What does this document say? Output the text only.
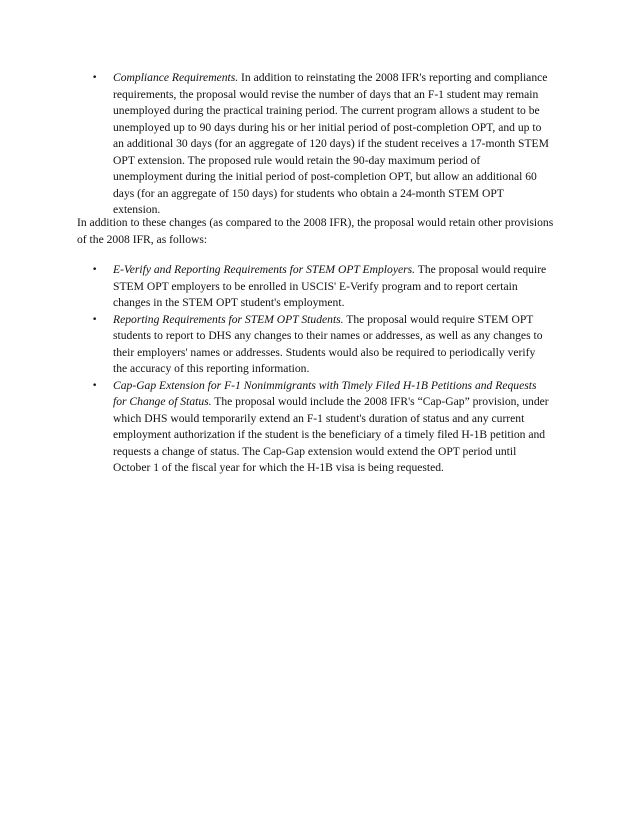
• Compliance Requirements. In addition to reinstating the 2008 IFR's reporting and compliance requirements, the proposal would revise the number of days that an F-1 student may remain unemployed during the practical training period. The current program allows a student to be unemployed up to 90 days during his or her initial period of post-completion OPT, and up to an additional 30 days (for an aggregate of 120 days) if the student receives a 17-month STEM OPT extension. The proposed rule would retain the 90-day maximum period of unemployment during the initial period of post-completion OPT, but allow an additional 60 days (for an aggregate of 150 days) for students who obtain a 24-month STEM OPT extension.

In addition to these changes (as compared to the 2008 IFR), the proposal would retain other provisions of the 2008 IFR, as follows:

• E-Verify and Reporting Requirements for STEM OPT Employers. The proposal would require STEM OPT employers to be enrolled in USCIS' E-Verify program and to report certain changes in the STEM OPT student's employment.
• Reporting Requirements for STEM OPT Students. The proposal would require STEM OPT students to report to DHS any changes to their names or addresses, as well as any changes to their employers' names or addresses. Students would also be required to periodically verify the accuracy of this reporting information.
• Cap-Gap Extension for F-1 Nonimmigrants with Timely Filed H-1B Petitions and Requests for Change of Status. The proposal would include the 2008 IFR's “Cap-Gap” provision, under which DHS would temporarily extend an F-1 student's duration of status and any current employment authorization if the student is the beneficiary of a timely filed H-1B petition and requests a change of status. The Cap-Gap extension would extend the OPT period until October 1 of the fiscal year for which the H-1B visa is being requested.
